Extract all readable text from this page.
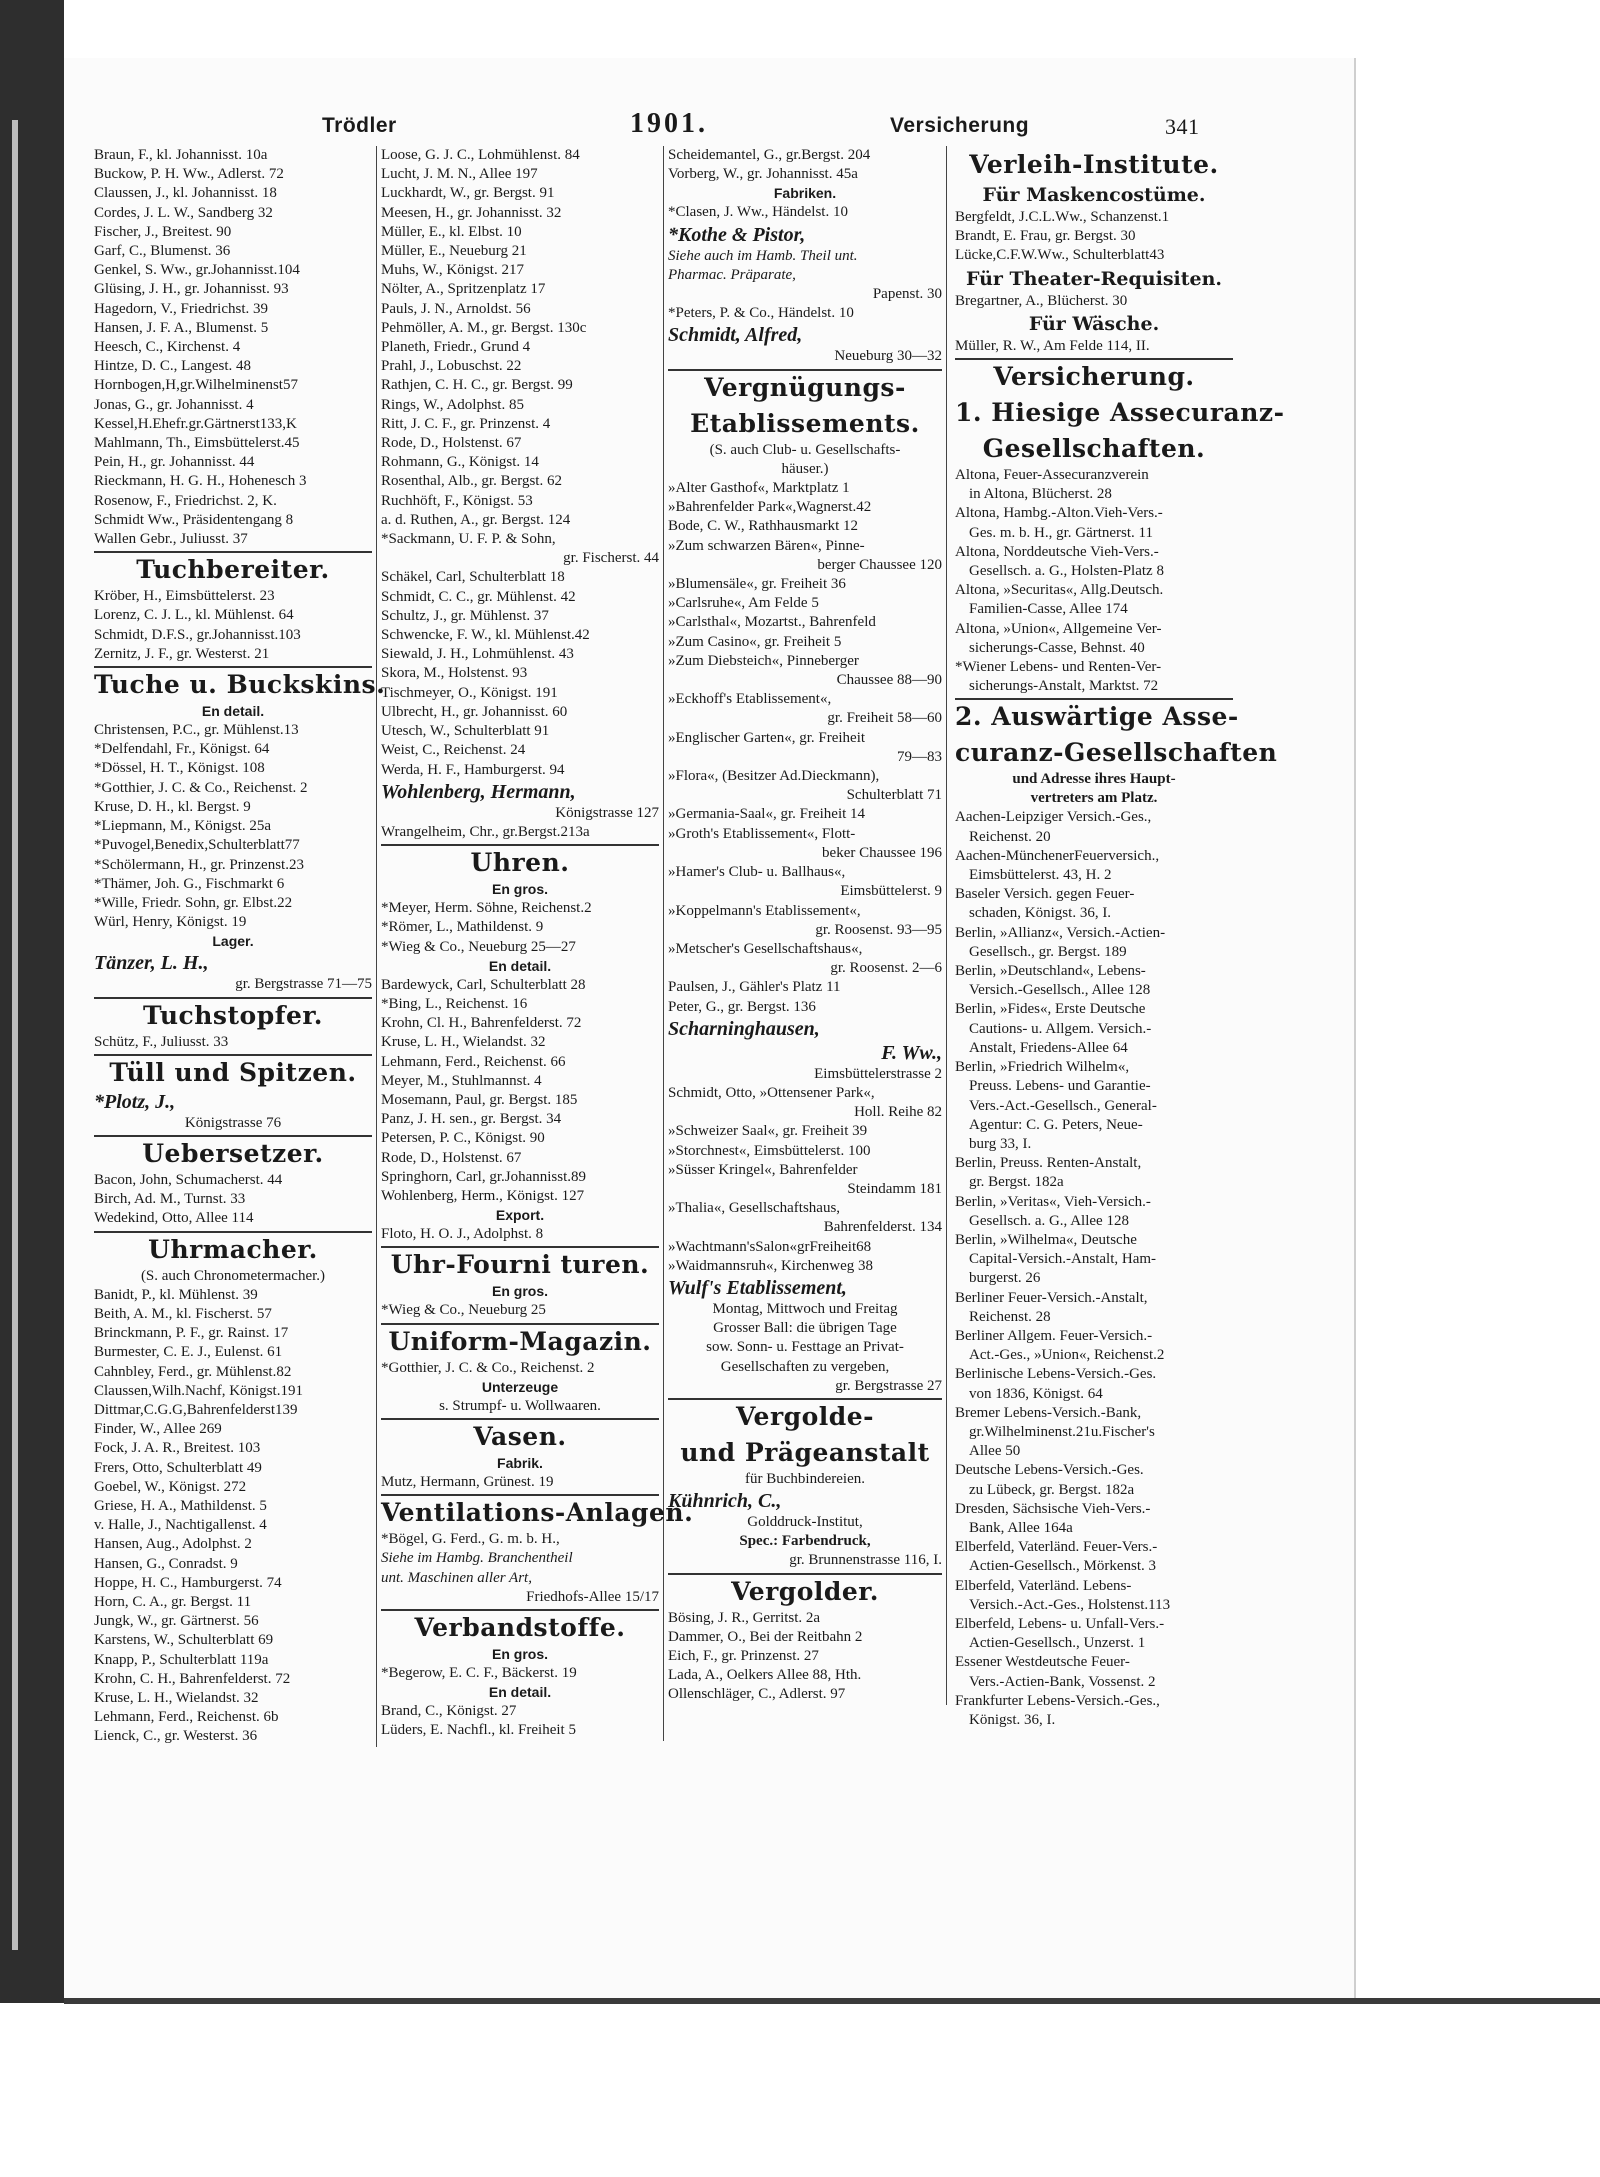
Trödler	1901.	Versicherung	341
Braun, F., kl. Johannisst. 10a
Buckow, P. H. Ww., Adlerst. 72
Claussen, J., kl. Johannisst. 18
Cordes, J. L. W., Sandberg 32
Fischer, J., Breitest. 90
Garf, C., Blumenst. 36
Genkel, S. Ww., gr.Johannisst.104
Glüsing, J. H., gr. Johannisst. 93
Hagedorn, V., Friedrichst. 39
Hansen, J. F. A., Blumenst. 5
Heesch, C., Kirchenst. 4
Hintze, D. C., Langest. 48
Hornbogen,H,gr.Wilhelminenst57
Jonas, G., gr. Johannisst. 4
Kessel,H.Ehefr.gr.Gärtnerst133,K
Mahlmann, Th., Eimsbüttelerst.45
Pein, H., gr. Johannisst. 44
Rieckmann, H. G. H., Hohenesch 3
Rosenow, F., Friedrichst. 2, K.
Schmidt Ww., Präsidentengang 8
Wallen Gebr., Juliusst. 37
Tuchbereiter.
Kröber, H., Eimsbüttelerst. 23
Lorenz, C. J. L., kl. Mühlenst. 64
Schmidt, D.F.S., gr.Johannisst.103
Zernitz, J. F., gr. Westerst. 21
Tuche u. Buckskins.
En detail.
Christensen, P.C., gr. Mühlenst.13
*Delfendahl, Fr., Königst. 64
*Dössel, H. T., Königst. 108
*Gotthier, J. C. & Co., Reichenst. 2
Kruse, D. H., kl. Bergst. 9
*Liepmann, M., Königst. 25a
*Puvogel,Benedix,Schulterblatt77
*Schölermann, H., gr. Prinzenst.23
*Thämer, Joh. G., Fischmarkt 6
*Wille, Friedr. Sohn, gr. Elbst.22
Würl, Henry, Königst. 19
Lager.
Tänzer, L. H.,
gr. Bergstrasse 71—75
Tuchstopfer.
Schütz, F., Juliusst. 33
Tüll und Spitzen.
*Plotz, J.,
Königstrasse 76
Uebersetzer.
Bacon, John, Schumacherst. 44
Birch, Ad. M., Turnst. 33
Wedekind, Otto, Allee 114
Uhrmacher.
(S. auch Chronometermacher.)
Banidt, P., kl. Mühlenst. 39
Beith, A. M., kl. Fischerst. 57
Brinckmann, P. F., gr. Rainst. 17
Burmester, C. E. J., Eulenst. 61
Cahnbley, Ferd., gr. Mühlenst.82
Claussen,Wilh.Nachf, Königst.191
Dittmar,C.G.G,Bahrenfelderst139
Finder, W., Allee 269
Fock, J. A. R., Breitest. 103
Frers, Otto, Schulterblatt 49
Goebel, W., Königst. 272
Griese, H. A., Mathildenst. 5
v. Halle, J., Nachtigallenst. 4
Hansen, Aug., Adolphst. 2
Hansen, G., Conradst. 9
Hoppe, H. C., Hamburgerst. 74
Horn, C. A., gr. Bergst. 11
Jungk, W., gr. Gärtnerst. 56
Karstens, W., Schulterblatt 69
Knapp, P., Schulterblatt 119a
Krohn, C. H., Bahrenfelderst. 72
Kruse, L. H., Wielandst. 32
Lehmann, Ferd., Reichenst. 6b
Lienck, C., gr. Westerst. 36
Loose, G. J. C., Lohmühlenst. 84
Lucht, J. M. N., Allee 197
Luckhardt, W., gr. Bergst. 91
Meesen, H., gr. Johannisst. 32
Müller, E., kl. Elbst. 10
Müller, E., Neueburg 21
Muhs, W., Königst. 217
Nölter, A., Spritzenplatz 17
Pauls, J. N., Arnoldst. 56
Pehmöller, A. M., gr. Bergst. 130c
Planeth, Friedr., Grund 4
Prahl, J., Lobuschst. 22
Rathjen, C. H. C., gr. Bergst. 99
Rings, W., Adolphst. 85
Ritt, J. C. F., gr. Prinzenst. 4
Rode, D., Holstenst. 67
Rohmann, G., Königst. 14
Rosenthal, Alb., gr. Bergst. 62
Ruchhöft, F., Königst. 53
a. d. Ruthen, A., gr. Bergst. 124
*Sackmann, U. F. P. & Sohn,
gr. Fischerst. 44
Schäkel, Carl, Schulterblatt 18
Schmidt, C. C., gr. Mühlenst. 42
Schultz, J., gr. Mühlenst. 37
Schwencke, F. W., kl. Mühlenst.42
Siewald, J. H., Lohmühlenst. 43
Skora, M., Holstenst. 93
Tischmeyer, O., Königst. 191
Ulbrecht, H., gr. Johannisst. 60
Utesch, W., Schulterblatt 91
Weist, C., Reichenst. 24
Werda, H. F., Hamburgerst. 94
Wohlenberg, Hermann,
Königstrasse 127
Wrangelheim, Chr., gr.Bergst.213a
Uhren.
En gros.
*Meyer, Herm. Söhne, Reichenst.2
*Römer, L., Mathildenst. 9
*Wieg & Co., Neueburg 25—27
En detail.
Bardewyck, Carl, Schulterblatt 28
*Bing, L., Reichenst. 16
Krohn, Cl. H., Bahrenfelderst. 72
Kruse, L. H., Wielandst. 32
Lehmann, Ferd., Reichenst. 66
Meyer, M., Stuhlmannst. 4
Mosemann, Paul, gr. Bergst. 185
Panz, J. H. sen., gr. Bergst. 34
Petersen, P. C., Königst. 90
Rode, D., Holstenst. 67
Springhorn, Carl, gr.Johannisst.89
Wohlenberg, Herm., Königst. 127
Export.
Floto, H. O. J., Adolphst. 8
Uhr-Fourni turen.
En gros.
*Wieg & Co., Neueburg 25
Uniform-Magazin.
*Gotthier, J. C. & Co., Reichenst. 2
Unterzeuge
s. Strumpf- u. Wollwaaren.
Vasen.
Fabrik.
Mutz, Hermann, Grünest. 19
Ventilations-Anlagen.
*Bögel, G. Ferd., G. m. b. H.,
Siehe im Hambg. Branchentheil
unt. Maschinen aller Art,
Friedhofs-Allee 15/17
Verbandstoffe.
En gros.
*Begerow, E. C. F., Bäckerst. 19
En detail.
Brand, C., Königst. 27
Lüders, E. Nachfl., kl. Freiheit 5
Scheidemantel, G., gr.Bergst. 204
Vorberg, W., gr. Johannisst. 45a
Fabriken.
*Clasen, J. Ww., Händelst. 10
*Kothe & Pistor,
Siehe auch im Hamb. Theil unt.
Pharmac. Präparate,
Papenst. 30
*Peters, P. & Co., Händelst. 10
Schmidt, Alfred,
Neueburg 30—32
Vergnügungs-
Etablissements.
(S. auch Club- u. Gesellschafts-
häuser.)
»Alter Gasthof«, Marktplatz 1
»Bahrenfelder Park«,Wagnerst.42
Bode, C. W., Rathhausmarkt 12
»Zum schwarzen Bären«, Pinne-
berger Chaussee 120
»Blumensäle«, gr. Freiheit 36
»Carlsruhe«, Am Felde 5
»Carlsthal«, Mozartst., Bahrenfeld
»Zum Casino«, gr. Freiheit 5
»Zum Diebsteich«, Pinneberger
Chaussee 88—90
»Eckhoff's Etablissement«,
gr. Freiheit 58—60
»Englischer Garten«, gr. Freiheit
79—83
»Flora«, (Besitzer Ad.Dieckmann),
Schulterblatt 71
»Germania-Saal«, gr. Freiheit 14
»Groth's Etablissement«, Flott-
beker Chaussee 196
»Hamer's Club- u. Ballhaus«,
Eimsbüttelerst. 9
»Koppelmann's Etablissement«,
gr. Roosenst. 93—95
»Metscher's Gesellschaftshaus«,
gr. Roosenst. 2—6
Paulsen, J., Gähler's Platz 11
Peter, G., gr. Bergst. 136
Scharninghausen,
F. Ww.,
Eimsbüttelerstrasse 2
Schmidt, Otto, »Ottensener Park«,
Holl. Reihe 82
»Schweizer Saal«, gr. Freiheit 39
»Storchnest«, Eimsbüttelerst. 100
»Süsser Kringel«, Bahrenfelder
Steindamm 181
»Thalia«, Gesellschaftshaus,
Bahrenfelderst. 134
»Wachtmann'sSalon«grFreiheit68
»Waidmannsruh«, Kirchenweg 38
Wulf's Etablissement,
Montag, Mittwoch und Freitag
Grosser Ball: die übrigen Tage
sow. Sonn- u. Festtage an Privat-
Gesellschaften zu vergeben,
gr. Bergstrasse 27
Vergolde-
und Prägeanstalt
für Buchbindereien.
Kühnrich, C.,
Golddruck-Institut,
Spec.: Farbendruck,
gr. Brunnenstrasse 116, I.
Vergolder.
Bösing, J. R., Gerritst. 2a
Dammer, O., Bei der Reitbahn 2
Eich, F., gr. Prinzenst. 27
Lada, A., Oelkers Allee 88, Hth.
Ollenschläger, C., Adlerst. 97
Verleih-Institute.
Für Maskencostüme.
Bergfeldt, J.C.L.Ww., Schanzenst.1
Brandt, E. Frau, gr. Bergst. 30
Lücke,C.F.W.Ww., Schulterblatt43
Für Theater-Requisiten.
Bregartner, A., Blücherst. 30
Für Wäsche.
Müller, R. W., Am Felde 114, II.
Versicherung.
1. Hiesige Assecuranz-
Gesellschaften.
Altona, Feuer-Assecuranzverein
in Altona, Blücherst. 28
Altona, Hambg.-Alton.Vieh-Vers.-
Ges. m. b. H., gr. Gärtnerst. 11
Altona, Norddeutsche Vieh-Vers.-
Gesellsch. a. G., Holsten-Platz 8
Altona, »Securitas«, Allg.Deutsch.
Familien-Casse, Allee 174
Altona, »Union«, Allgemeine Ver-
sicherungs-Casse, Behnst. 40
*Wiener Lebens- und Renten-Ver-
sicherungs-Anstalt, Marktst. 72
2. Auswärtige Asse-
curanz-Gesellschaften
und Adresse ihres Haupt-
vertreters am Platz.
Aachen-Leipziger Versich.-Ges.,
Reichenst. 20
Aachen-MünchenerFeuerversich.,
Eimsbüttelerst. 43, H. 2
Baseler Versich. gegen Feuer-
schaden, Königst. 36, I.
Berlin, »Allianz«, Versich.-Actien-
Gesellsch., gr. Bergst. 189
Berlin, »Deutschland«, Lebens-
Versich.-Gesellsch., Allee 128
Berlin, »Fides«, Erste Deutsche
Cautions- u. Allgem. Versich.-
Anstalt, Friedens-Allee 64
Berlin, »Friedrich Wilhelm«,
Preuss. Lebens- und Garantie-
Vers.-Act.-Gesellsch., General-
Agentur: C. G. Peters, Neue-
burg 33, I.
Berlin, Preuss. Renten-Anstalt,
gr. Bergst. 182a
Berlin, »Veritas«, Vieh-Versich.-
Gesellsch. a. G., Allee 128
Berlin, »Wilhelma«, Deutsche
Capital-Versich.-Anstalt, Ham-
burgerst. 26
Berliner Feuer-Versich.-Anstalt,
Reichenst. 28
Berliner Allgem. Feuer-Versich.-
Act.-Ges., »Union«, Reichenst.2
Berlinische Lebens-Versich.-Ges.
von 1836, Königst. 64
Bremer Lebens-Versich.-Bank,
gr.Wilhelminenst.21u.Fischer's
Allee 50
Deutsche Lebens-Versich.-Ges.
zu Lübeck, gr. Bergst. 182a
Dresden, Sächsische Vieh-Vers.-
Bank, Allee 164a
Elberfeld, Vaterländ. Feuer-Vers.-
Actien-Gesellsch., Mörkenst. 3
Elberfeld, Vaterländ. Lebens-
Versich.-Act.-Ges., Holstenst.113
Elberfeld, Lebens- u. Unfall-Vers.-
Actien-Gesellsch., Unzerst. 1
Essener Westdeutsche Feuer-
Vers.-Actien-Bank, Vossenst. 2
Frankfurter Lebens-Versich.-Ges.,
Königst. 36, I.
